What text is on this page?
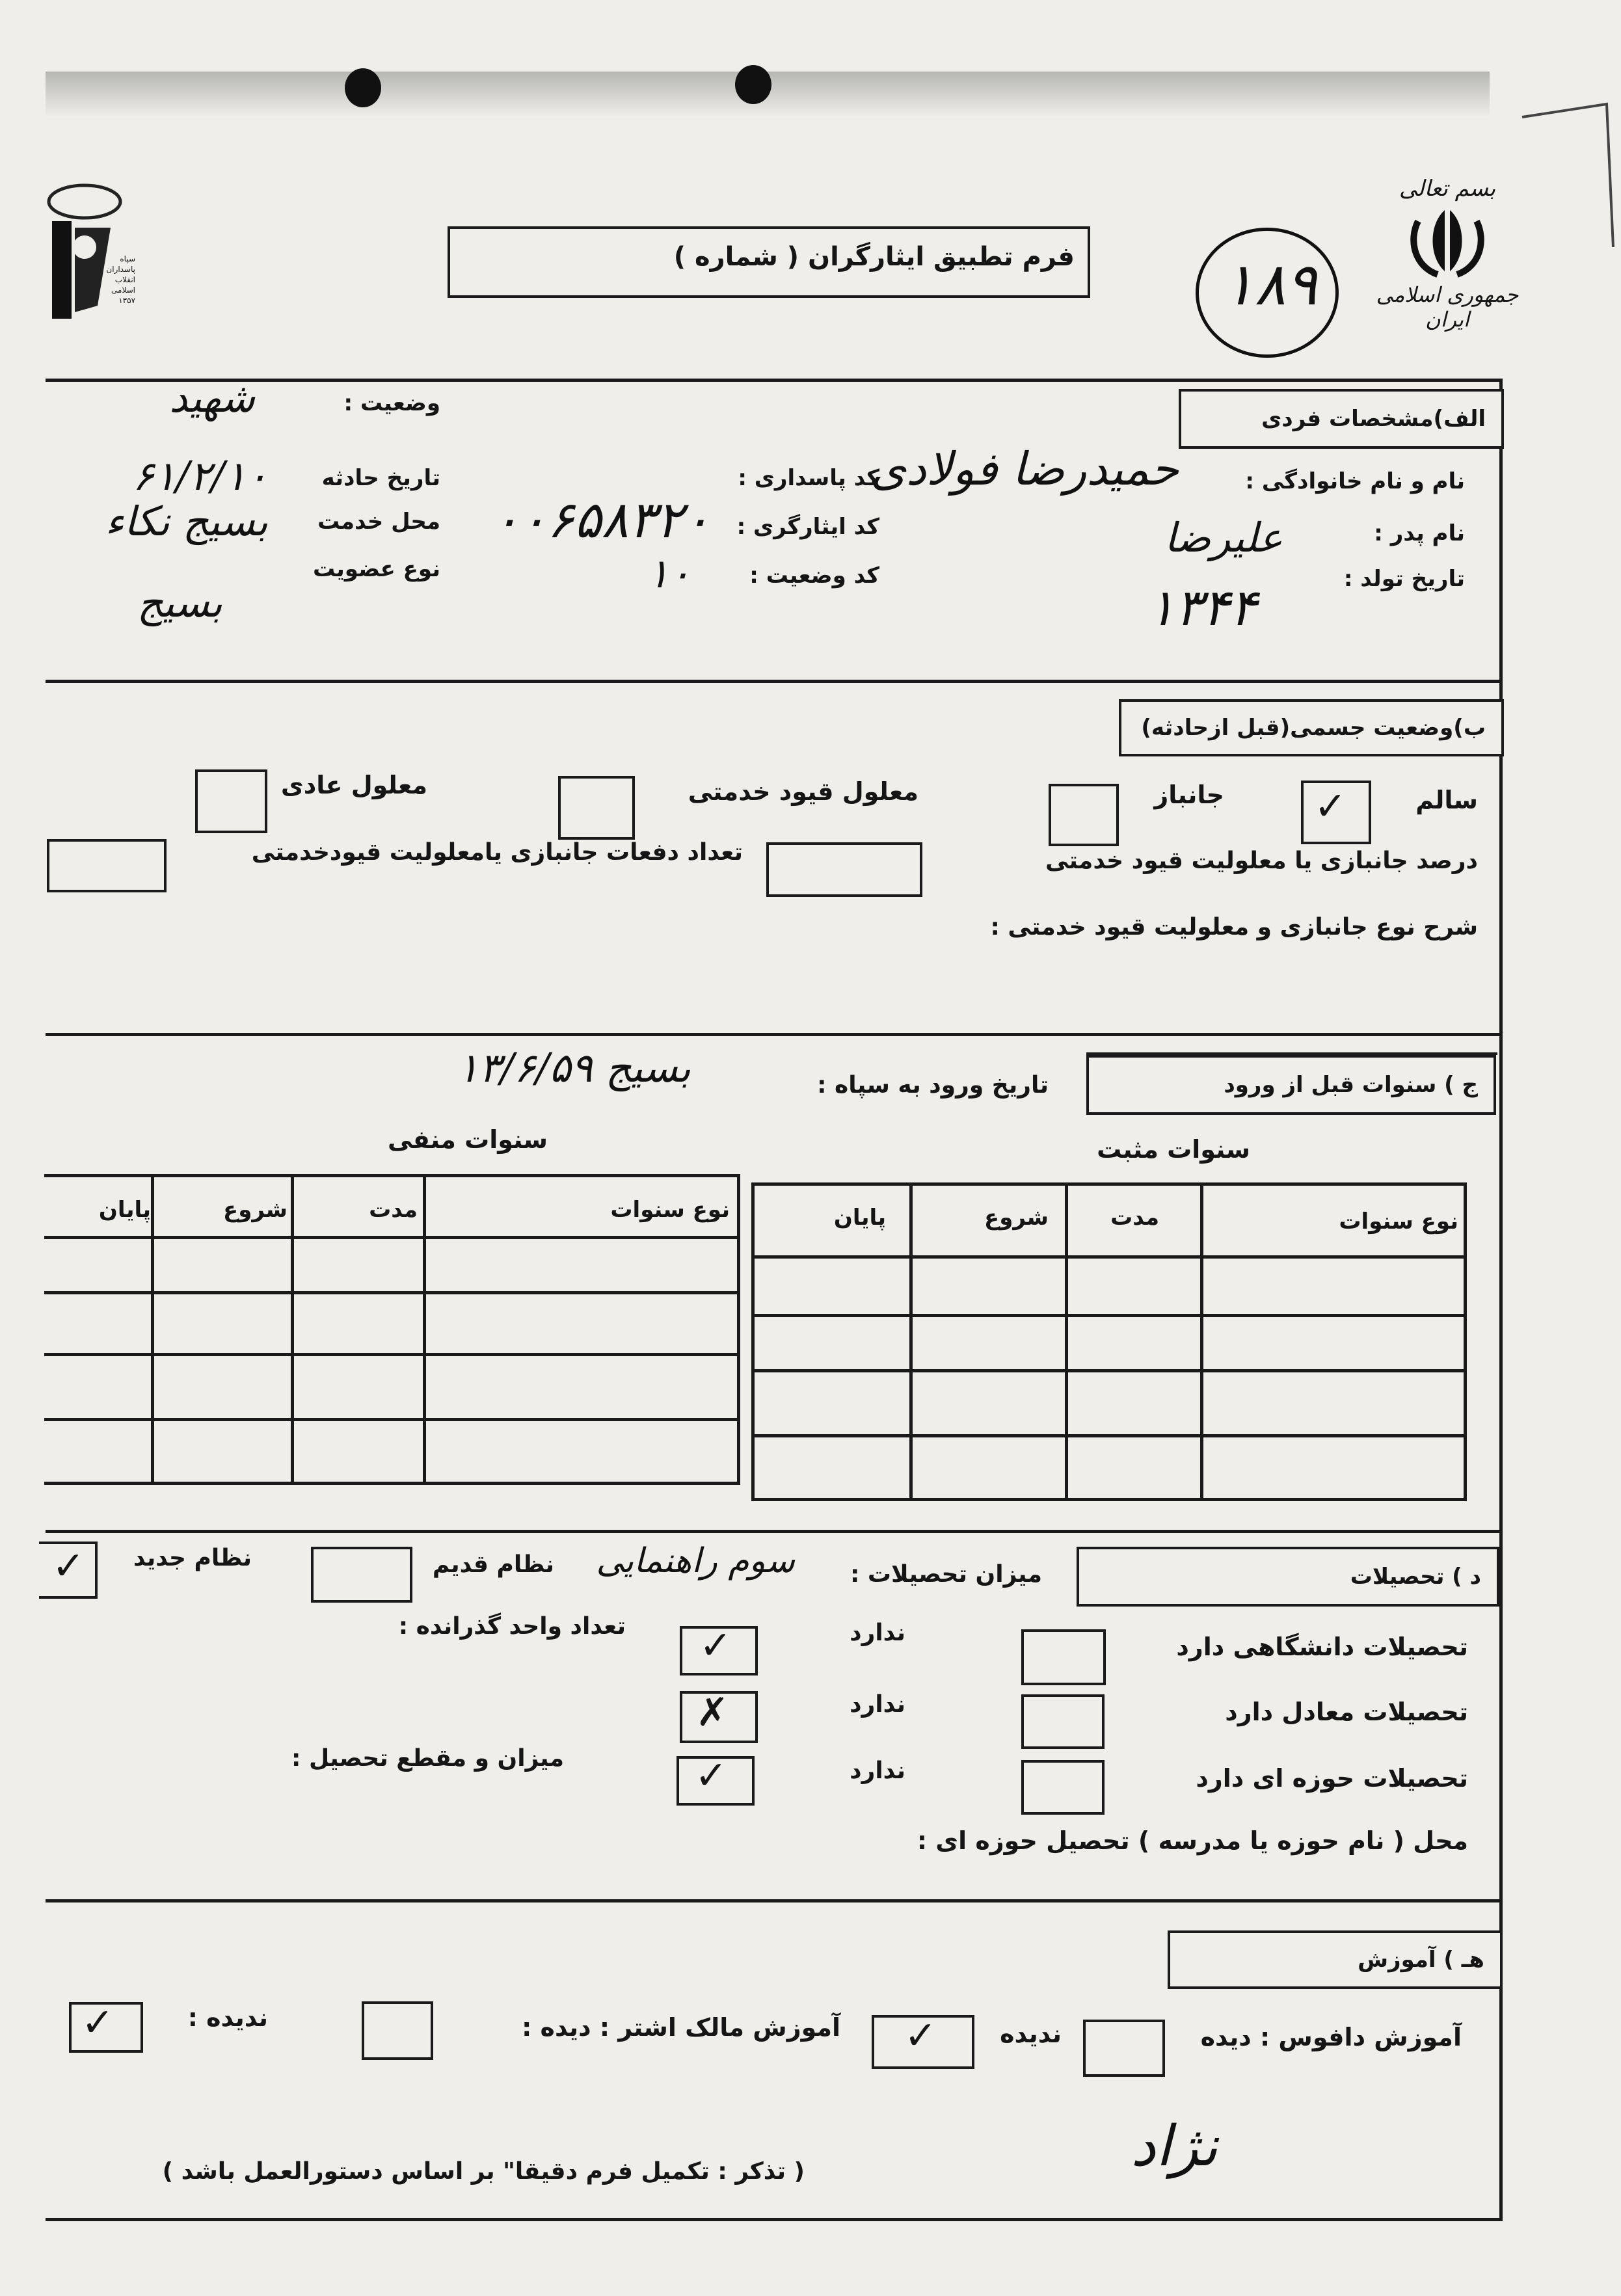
سپاه پاسداران انقلاب اسلامی ۱۳۵۷
بسم تعالی
جمهوری اسلامی ایران
فرم تطبیق ایثارگران ( شماره )	۱۸۹
الف)مشخصات فردی
نام و نام خانوادگی :
حمیدرضا فولادی
نام پدر :
علیرضا
تاریخ تولد :
۱۳۴۴
کد پاسداری :
کد ایثارگری :
۰۰۶۵۸۳۲۰
کد وضعیت :
۱۰
وضعیت :
شهید
تاریخ حادثه
۶۱/۲/۱۰
محل خدمت
بسیج نکاء
نوع عضویت
بسیج
ب)وضعیت جسمی(قبل ازحادثه)
سالم
✓
جانباز
معلول قیود خدمتی
معلول عادی
درصد جانبازی یا معلولیت قیود خدمتی
تعداد دفعات جانبازی یامعلولیت قیودخدمتی
شرح نوع جانبازی و معلولیت قیود خدمتی :
ج ) سنوات قبل از ورود
تاریخ ورود به سپاه :
بسیج ۱۳/۶/۵۹
سنوات مثبت
سنوات منفی
نوع سنوات
مدت
شروع
پایان
نوع سنوات
مدت
شروع
پایان
د ) تحصیلات
میزان تحصیلات :
سوم راهنمایی
نظام قدیم
نظام جدید
✓
تعداد واحد گذرانده :
تحصیلات دانشگاهی دارد
ندارد
✓
تحصیلات معادل دارد
ندارد
✗
تحصیلات حوزه ای دارد
ندارد
✓
میزان و مقطع تحصیل :
محل ( نام حوزه یا مدرسه ) تحصیل حوزه ای :
هـ ) آموزش
آموزش دافوس : دیده
ندیده
✓
آموزش مالک اشتر : دیده :
ندیده :
✓
( تذکر : تکمیل فرم دقیقا" بر اساس دستورالعمل باشد )	نژاد
